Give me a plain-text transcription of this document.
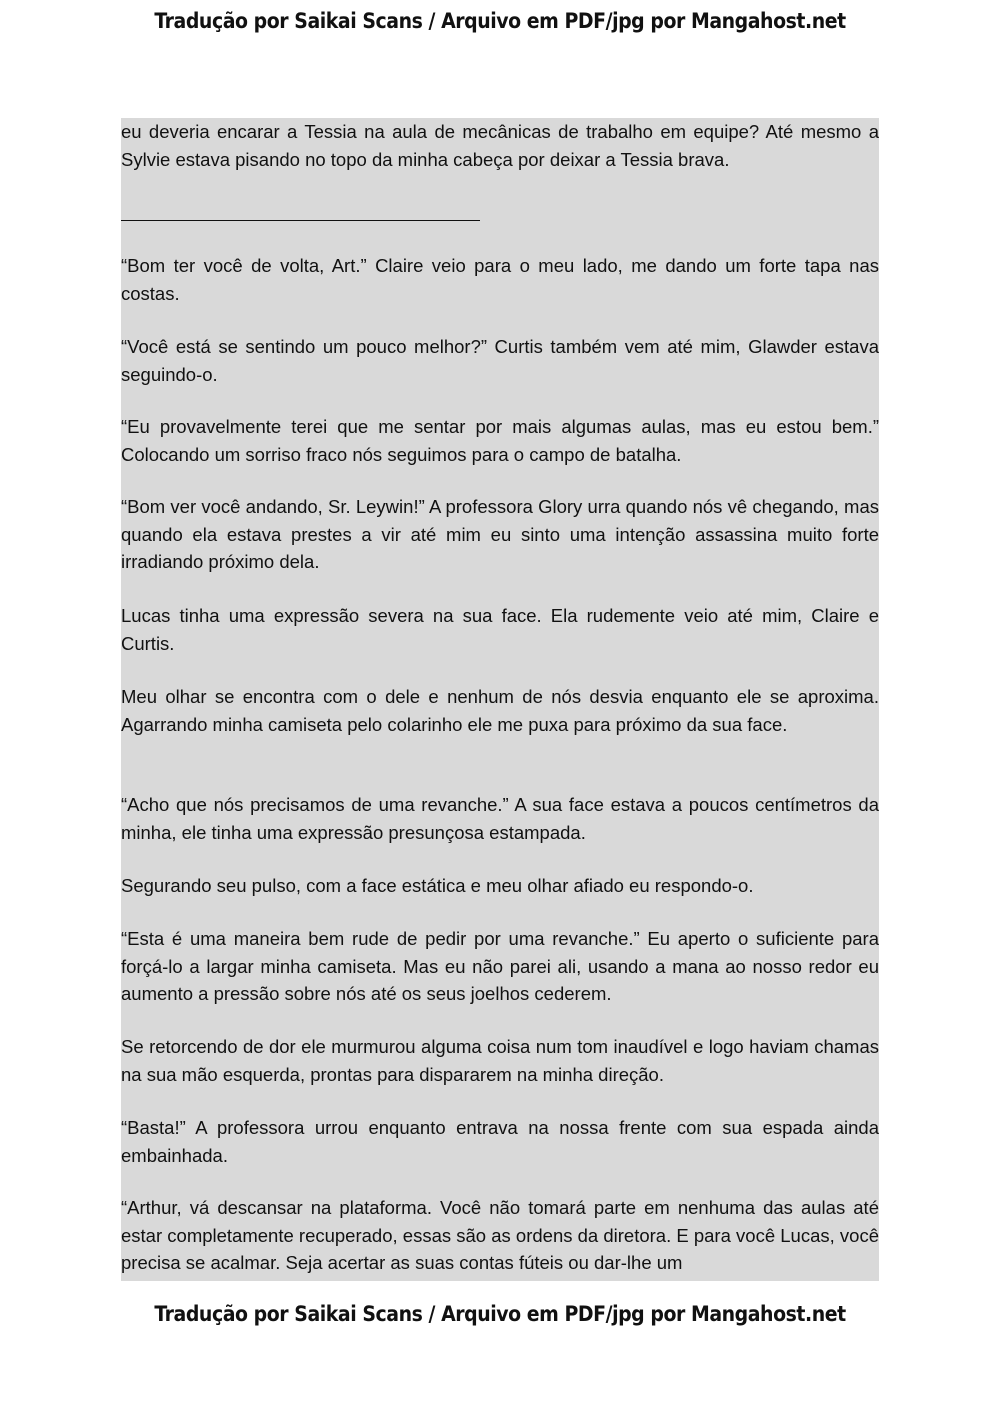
Tradução por Saikai Scans / Arquivo em PDF/jpg por Mangahost.net

eu deveria encarar a Tessia na aula de mecânicas de trabalho em equipe? Até mesmo a Sylvie estava pisando no topo da minha cabeça por deixar a Tessia brava.

“Bom ter você de volta, Art.” Claire veio para o meu lado, me dando um forte tapa nas costas.

“Você está se sentindo um pouco melhor?” Curtis também vem até mim, Glawder estava seguindo-o.

“Eu provavelmente terei que me sentar por mais algumas aulas, mas eu estou bem.” Colocando um sorriso fraco nós seguimos para o campo de batalha.

“Bom ver você andando, Sr. Leywin!” A professora Glory urra quando nós vê chegando, mas quando ela estava prestes a vir até mim eu sinto uma intenção assassina muito forte irradiando próximo dela.

Lucas tinha uma expressão severa na sua face. Ela rudemente veio até mim, Claire e Curtis.

Meu olhar se encontra com o dele e nenhum de nós desvia enquanto ele se aproxima. Agarrando minha camiseta pelo colarinho ele me puxa para próximo da sua face.

“Acho que nós precisamos de uma revanche.” A sua face estava a poucos centímetros da minha, ele tinha uma expressão presunçosa estampada.

Segurando seu pulso, com a face estática e meu olhar afiado eu respondo-o.

“Esta é uma maneira bem rude de pedir por uma revanche.” Eu aperto o suficiente para forçá-lo a largar minha camiseta. Mas eu não parei ali, usando a mana ao nosso redor eu aumento a pressão sobre nós até os seus joelhos cederem.

Se retorcendo de dor ele murmurou alguma coisa num tom inaudível e logo haviam chamas na sua mão esquerda, prontas para dispararem na minha direção.

“Basta!” A professora urrou enquanto entrava na nossa frente com sua espada ainda embainhada.

“Arthur, vá descansar na plataforma. Você não tomará parte em nenhuma das aulas até estar completamente recuperado, essas são as ordens da diretora. E para você Lucas, você precisa se acalmar. Seja acertar as suas contas fúteis ou dar-lhe um

Tradução por Saikai Scans / Arquivo em PDF/jpg por Mangahost.net
